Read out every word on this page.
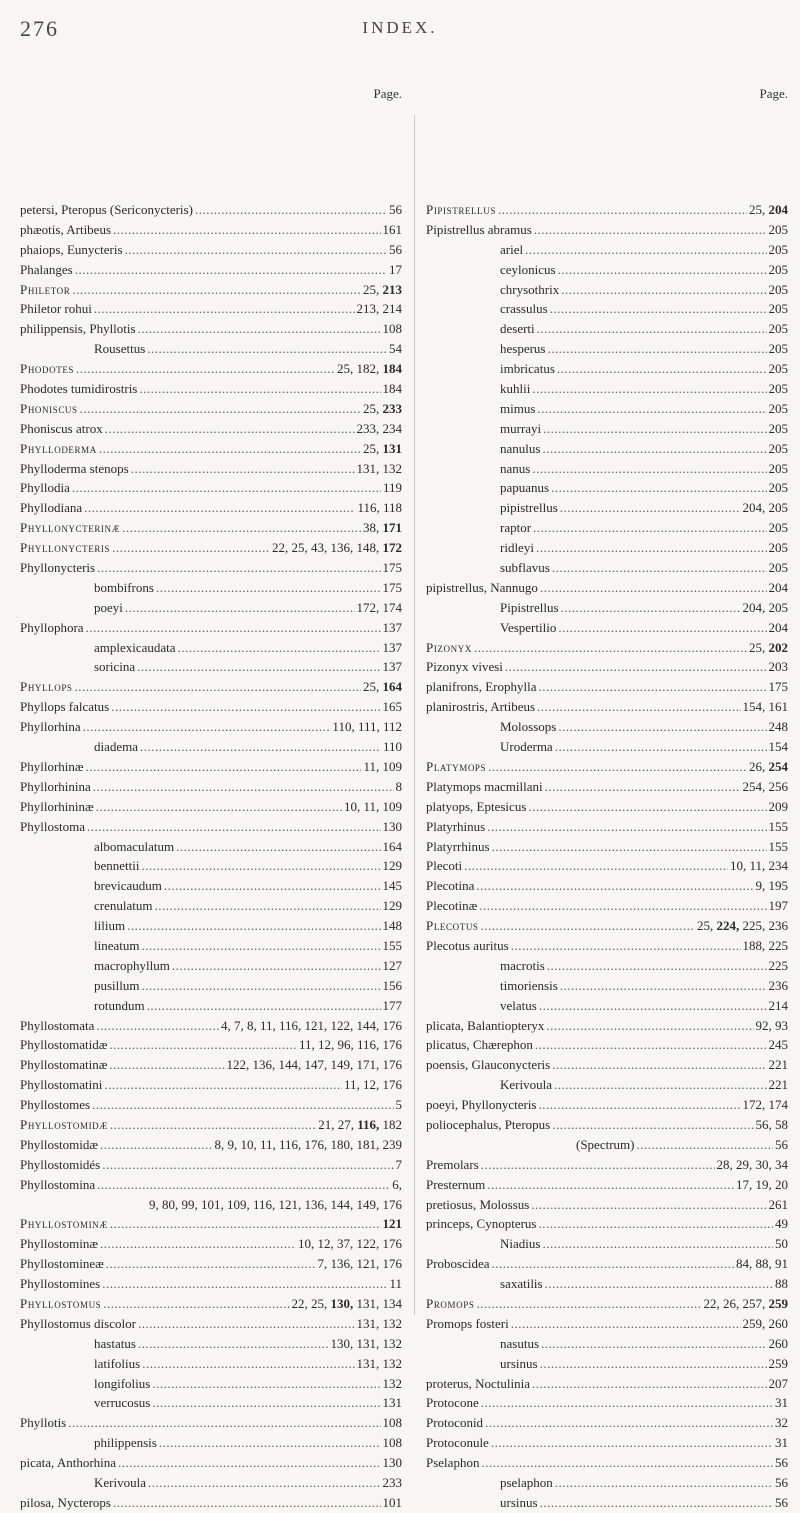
276	INDEX.
Page.	Page.
petersi, Pteropus (Sericonycteris) .....	56
phæotis, Artibeus .....	161
phaiops, Eunycteris .....	56
Phalanges .....	17
Philetor .....	25, 213
Philetor rohui .....	213, 214
philippensis, Phyllotis .....	108
Rousettus .....	54
Phodotes .....	25, 182, 184
Phodotes tumidirostris .....	184
Phoniscus .....	25, 233
Phoniscus atrox .....	233, 234
Phylloderma .....	25, 131
Phylloderma stenops .....	131, 132
Phyllodia .....	119
Phyllodiana .....	116, 118
Phyllonycterinæ .....	38, 171
Phyllonycteris .....	22, 25, 43, 136, 148, 172
Phyllonycteris .....	175
bombifrons .....	175
poeyi .....	172, 174
Phyllophora .....	137
amplexicaudata .....	137
soricina .....	137
Phyllops .....	25, 164
Phyllops falcatus .....	165
Phyllorhina .....	110, 111, 112
diadema .....	110
Phyllorhinæ .....	11, 109
Phyllorhinina .....	8
Phyllorhininæ .....	10, 11, 109
Phyllostoma .....	130
albomaculatum .....	164
bennettii .....	129
brevicaudum .....	145
crenulatum .....	129
lilium .....	148
lineatum .....	155
macrophyllum .....	127
pusillum .....	156
rotundum .....	177
Phyllostomata .....	4, 7, 8, 11, 116, 121, 122, 144, 176
Phyllostomatidæ .....	11, 12, 96, 116, 176
Phyllostomatinæ .....	122, 136, 144, 147, 149, 171, 176
Phyllostomatini .....	11, 12, 176
Phyllostomes .....	5
Phyllostomidæ .....	21, 27, 116, 182
Phyllostomidæ .....	8, 9, 10, 11, 116, 176, 180, 181, 239
Phyllostomidés .....	7
Phyllostomina .....	6,
9, 80, 99, 101, 109, 116, 121, 136, 144, 149, 176
Phyllostominæ .....	121
Phyllostominæ .....	10, 12, 37, 122, 176
Phyllostomineæ .....	7, 136, 121, 176
Phyllostomines .....	11
Phyllostomus .....	22, 25, 130, 131, 134
Phyllostomus discolor .....	131, 132
hastatus .....	130, 131, 132
latifolius .....	131, 132
longifolius .....	132
verrucosus .....	131
Phyllotis .....	108
philippensis .....	108
picata, Anthorhina .....	130
Kerivoula .....	233
pilosa, Nycterops .....	101
Pipistrellus .....	25, 204
Pipistrellus abramus .....	205
ariel .....	205
ceylonicus .....	205
chrysothrix .....	205
crassulus .....	205
deserti .....	205
hesperus .....	205
imbricatus .....	205
kuhlii .....	205
mimus .....	205
murrayi .....	205
nanulus .....	205
nanus .....	205
papuanus .....	205
pipistrellus .....	204, 205
raptor .....	205
ridleyi .....	205
subflavus .....	205
pipistrellus, Nannugo .....	204
Pipistrellus .....	204, 205
Vespertilio .....	204
Pizonyx .....	25, 202
Pizonyx vivesi .....	203
planifrons, Erophylla .....	175
planirostris, Artibeus .....	154, 161
Molossops .....	248
Uroderma .....	154
Platymops .....	26, 254
Platymops macmillani .....	254, 256
platyops, Eptesicus .....	209
Platyrhinus .....	155
Platyrrhinus .....	155
Plecoti .....	10, 11, 234
Plecotina .....	9, 195
Plecotinæ .....	197
Plecotus .....	25, 224, 225, 236
Plecotus auritus .....	188, 225
macrotis .....	225
timoriensis .....	236
velatus .....	214
plicata, Balantiopteryx .....	92, 93
plicatus, Chærephon .....	245
poensis, Glauconycteris .....	221
Kerivoula .....	221
poeyi, Phyllonycteris .....	172, 174
poliocephalus, Pteropus .....	56, 58
(Spectrum) .....	56
Premolars .....	28, 29, 30, 34
Presternum .....	17, 19, 20
pretiosus, Molossus .....	261
princeps, Cynopterus .....	49
Niadius .....	50
Proboscidea .....	84, 88, 91
saxatilis .....	88
Promops .....	22, 26, 257, 259
Promops fosteri .....	259, 260
nasutus .....	260
ursinus .....	259
proterus, Noctulinia .....	207
Protocone .....	31
Protoconid .....	32
Protoconule .....	31
Pselaphon .....	56
pselaphon .....	56
ursinus .....	56
